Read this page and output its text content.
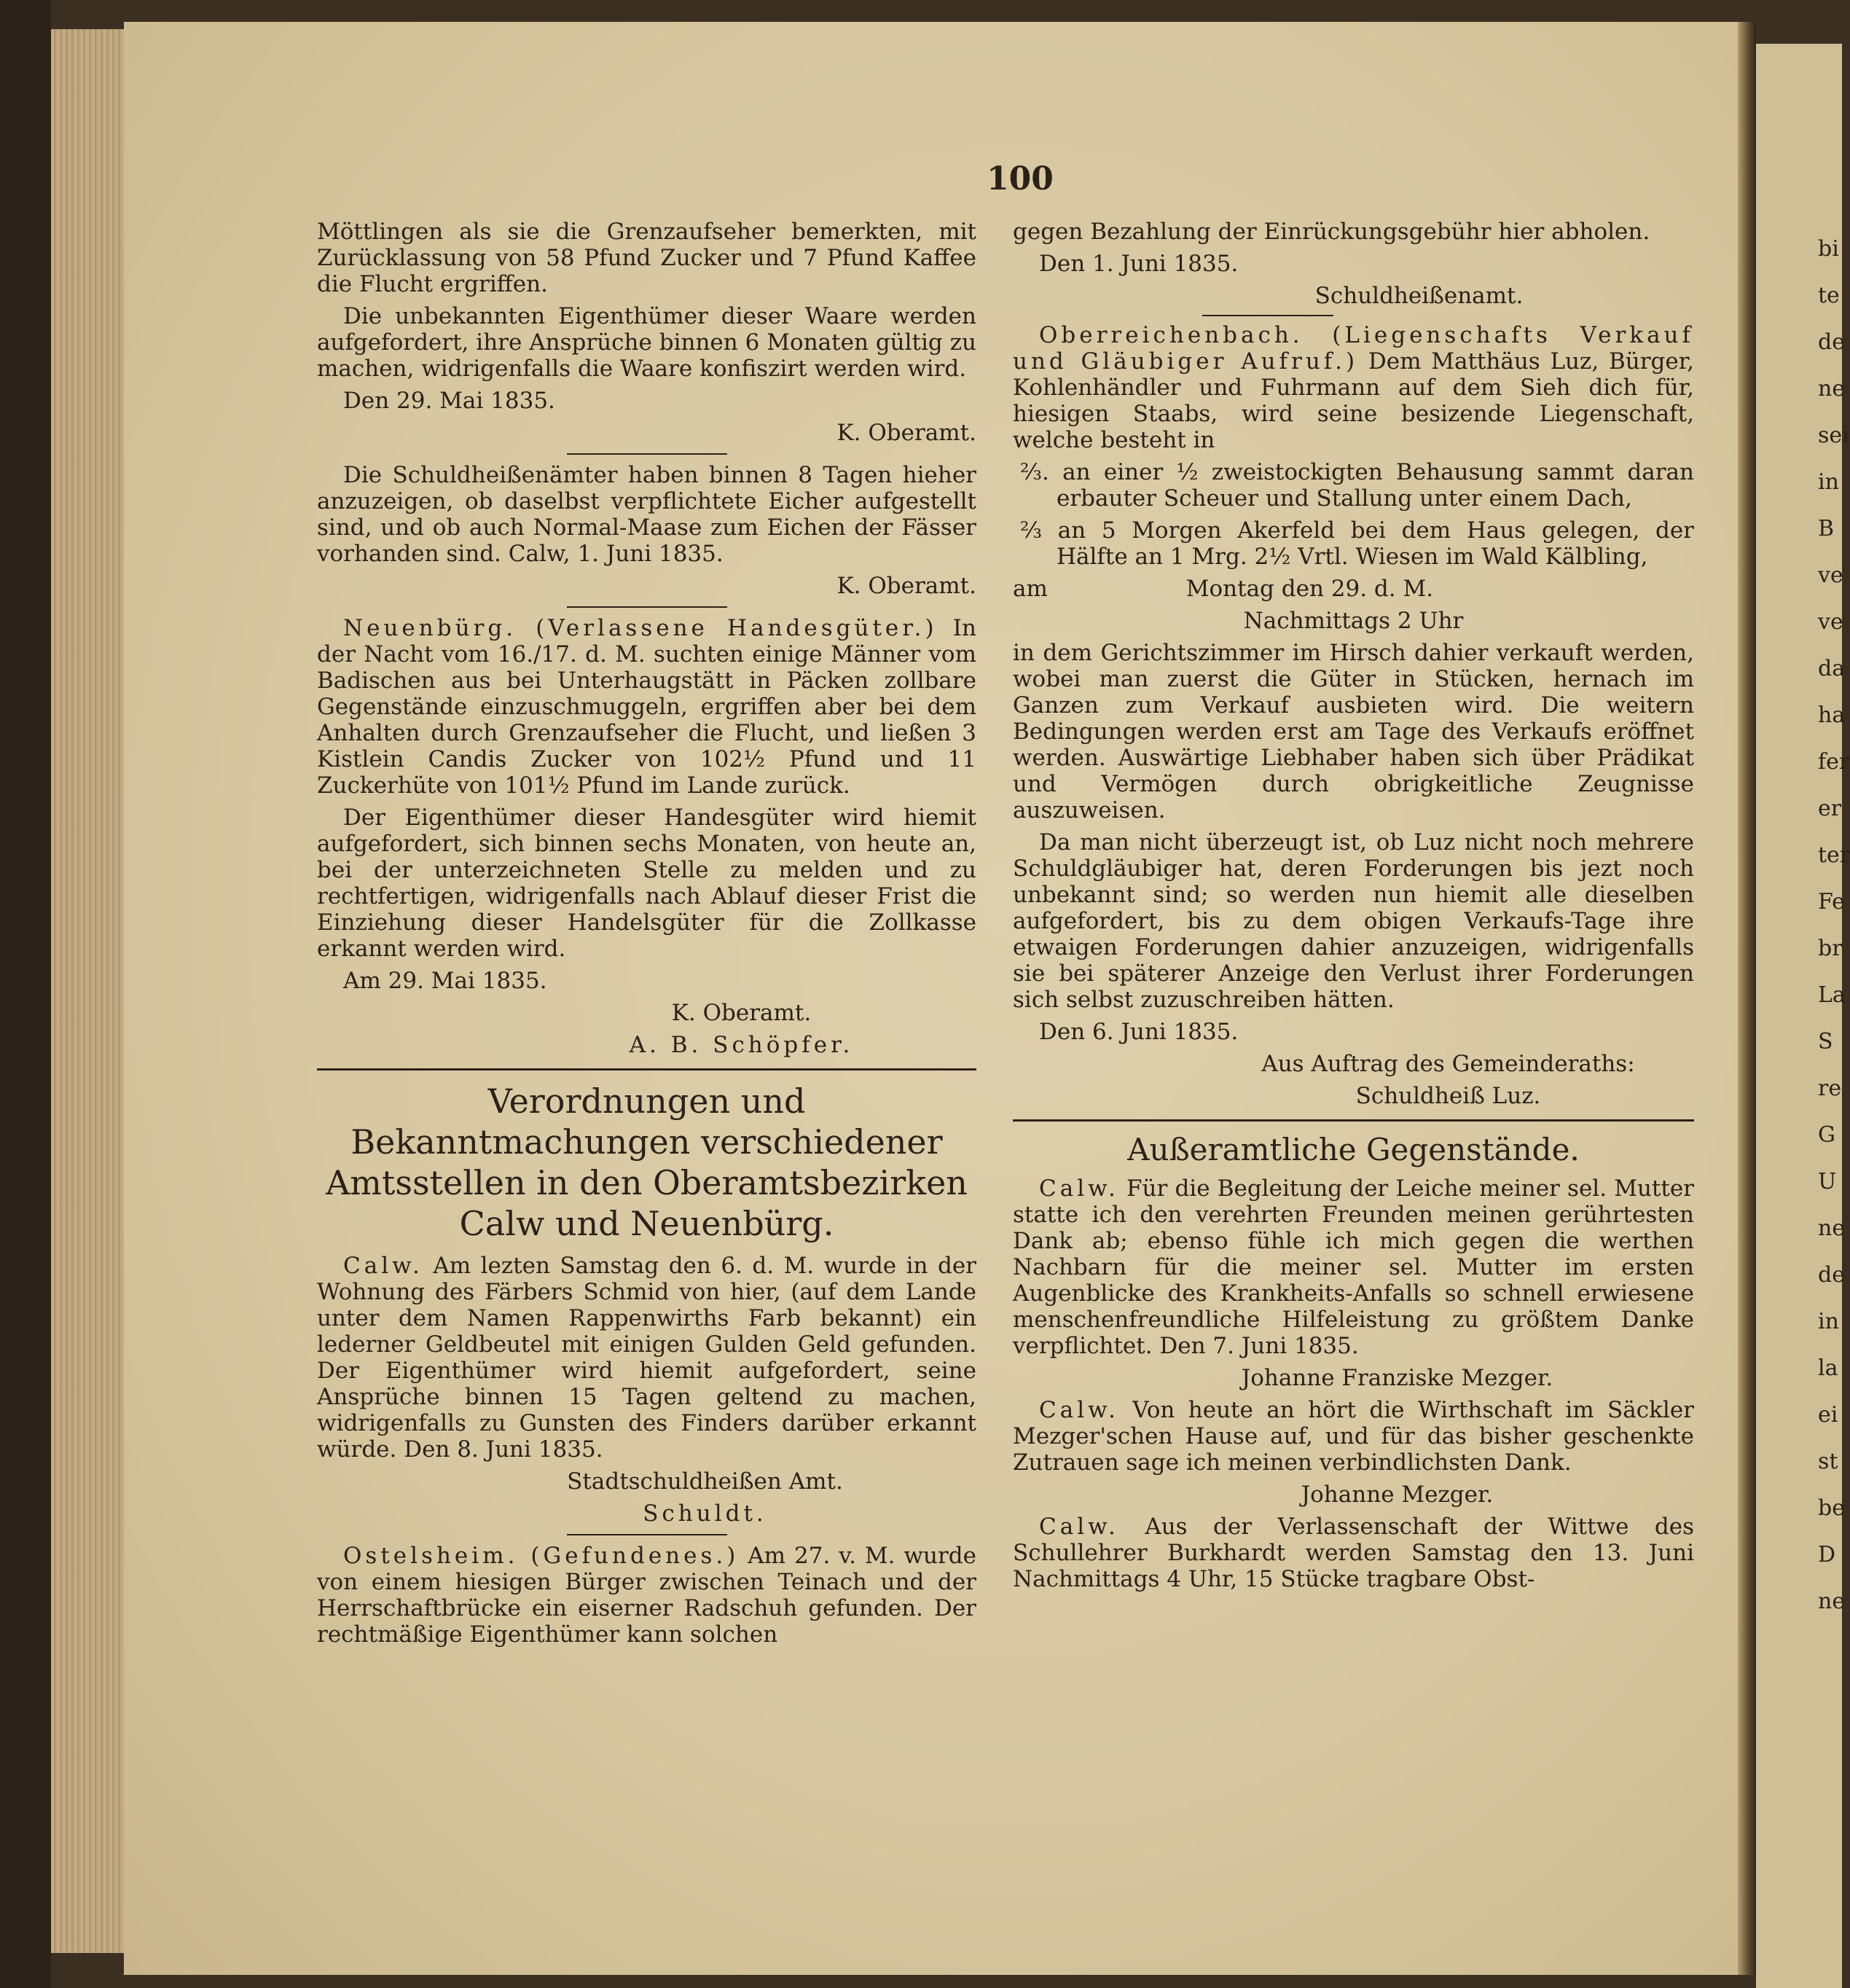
100

Möttlingen als sie die Grenzaufseher bemerkten, mit Zurücklassung von 58 Pfund Zucker und 7 Pfund Kaffee die Flucht ergriffen.

Die unbekannten Eigenthümer dieser Waare werden aufgefordert, ihre Ansprüche binnen 6 Monaten gültig zu machen, widrigenfalls die Waare konfiszirt werden wird.

Den 29. Mai 1835.

K. Oberamt.

Die Schuldheißenämter haben binnen 8 Tagen hieher anzuzeigen, ob daselbst verpflichtete Eicher aufgestellt sind, und ob auch Normal-Maase zum Eichen der Fässer vorhanden sind. Calw, 1. Juni 1835.

K. Oberamt.

Neuenbürg. (Verlassene Handesgüter.) In der Nacht vom 16./17. d. M. suchten einige Männer vom Badischen aus bei Unterhaugstätt in Päcken zollbare Gegenstände einzuschmuggeln, ergriffen aber bei dem Anhalten durch Grenzaufseher die Flucht, und ließen 3 Kistlein Candis Zucker von 102½ Pfund und 11 Zuckerhüte von 101½ Pfund im Lande zurück.

Der Eigenthümer dieser Handesgüter wird hiemit aufgefordert, sich binnen sechs Monaten, von heute an, bei der unterzeichneten Stelle zu melden und zu rechtfertigen, widrigenfalls nach Ablauf dieser Frist die Einziehung dieser Handelsgüter für die Zollkasse erkannt werden wird.

Am 29. Mai 1835.

K. Oberamt.

A. B. Schöpfer.

Verordnungen und Bekanntmachungen verschiedener Amtsstellen in den Oberamtsbezirken Calw und Neuenbürg.

Calw. Am lezten Samstag den 6. d. M. wurde in der Wohnung des Färbers Schmid von hier, (auf dem Lande unter dem Namen Rappenwirths Farb bekannt) ein lederner Geldbeutel mit einigen Gulden Geld gefunden. Der Eigenthümer wird hiemit aufgefordert, seine Ansprüche binnen 15 Tagen geltend zu machen, widrigenfalls zu Gunsten des Finders darüber erkannt würde. Den 8. Juni 1835.

Stadtschuldheißen Amt.

Schuldt.

Ostelsheim. (Gefundenes.) Am 27. v. M. wurde von einem hiesigen Bürger zwischen Teinach und der Herrschaftbrücke ein eiserner Radschuh gefunden. Der rechtmäßige Eigenthümer kann solchen

gegen Bezahlung der Einrückungsgebühr hier abholen.

Den 1. Juni 1835.

Schuldheißenamt.

Oberreichenbach. (Liegenschafts Verkauf und Gläubiger Aufruf.) Dem Matthäus Luz, Bürger, Kohlenhändler und Fuhrmann auf dem Sieh dich für, hiesigen Staabs, wird seine besizende Liegenschaft, welche besteht in

⅔. an einer ½ zweistockigten Behausung sammt daran erbauter Scheuer und Stallung unter einem Dach,

⅔ an 5 Morgen Akerfeld bei dem Haus gelegen, der Hälfte an 1 Mrg. 2½ Vrtl. Wiesen im Wald Kälbling,

am	Montag den 29. d. M.

Nachmittags 2 Uhr

in dem Gerichtszimmer im Hirsch dahier verkauft werden, wobei man zuerst die Güter in Stücken, hernach im Ganzen zum Verkauf ausbieten wird. Die weitern Bedingungen werden erst am Tage des Verkaufs eröffnet werden. Auswärtige Liebhaber haben sich über Prädikat und Vermögen durch obrigkeitliche Zeugnisse auszuweisen.

Da man nicht überzeugt ist, ob Luz nicht noch mehrere Schuldgläubiger hat, deren Forderungen bis jezt noch unbekannt sind; so werden nun hiemit alle dieselben aufgefordert, bis zu dem obigen Verkaufs-Tage ihre etwaigen Forderungen dahier anzuzeigen, widrigenfalls sie bei späterer Anzeige den Verlust ihrer Forderungen sich selbst zuzuschreiben hätten.

Den 6. Juni 1835.

Aus Auftrag des Gemeinderaths:

Schuldheiß Luz.

Außeramtliche Gegenstände.

Calw. Für die Begleitung der Leiche meiner sel. Mutter statte ich den verehrten Freunden meinen gerührtesten Dank ab; ebenso fühle ich mich gegen die werthen Nachbarn für die meiner sel. Mutter im ersten Augenblicke des Krankheits-Anfalls so schnell erwiesene menschenfreundliche Hilfeleistung zu größtem Danke verpflichtet. Den 7. Juni 1835.

Johanne Franziske Mezger.

Calw. Von heute an hört die Wirthschaft im Säckler Mezger'schen Hause auf, und für das bisher geschenkte Zutrauen sage ich meinen verbindlichsten Dank.

Johanne Mezger.

Calw. Aus der Verlassenschaft der Wittwe des Schullehrer Burkhardt werden Samstag den 13. Juni Nachmittags 4 Uhr, 15 Stücke tragbare Obst-

bi
te
de
ne
sei
in
B
ve
ve
da
ha
fer
er
ter
Fe
br
La
S
re
G
U
ne
de
in
la
ei
st
be
D
ne
